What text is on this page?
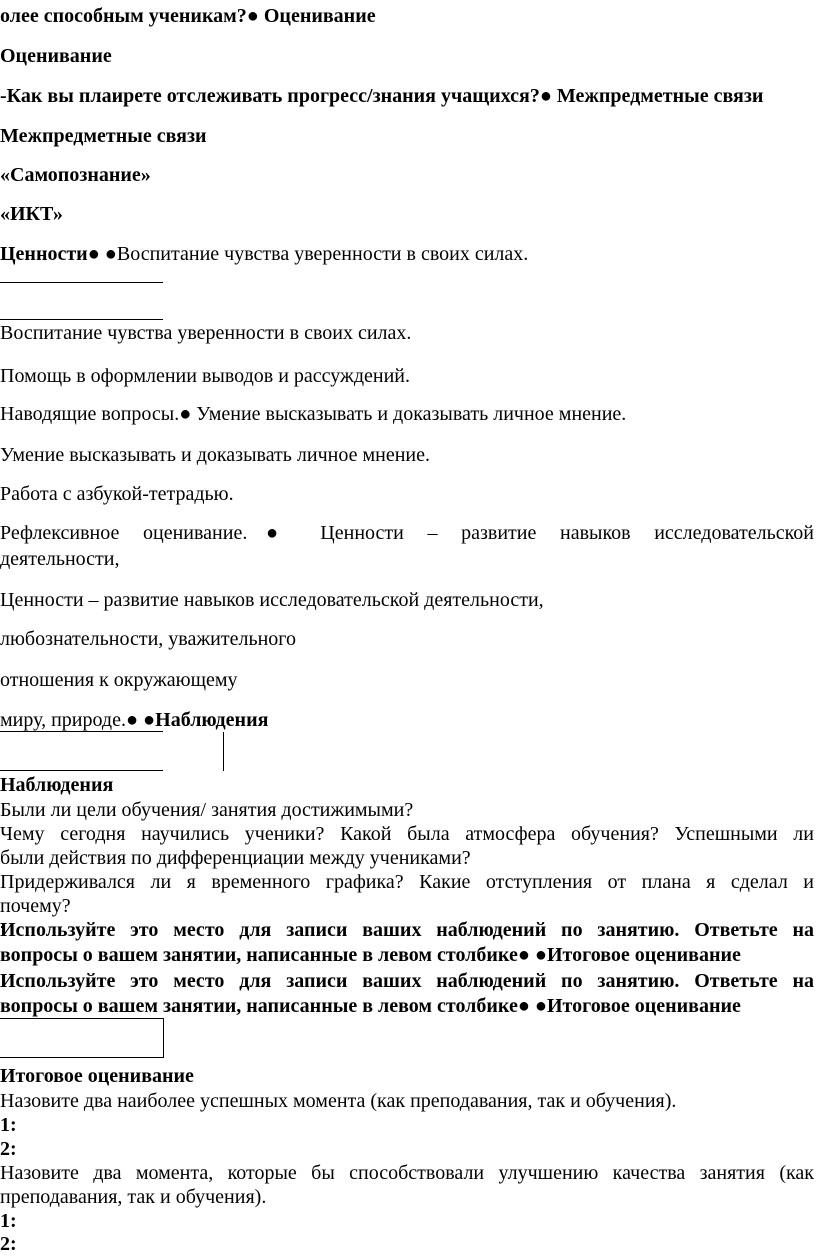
олее способным ученикам?● Оценивание
Оценивание
-Как вы плаирете отслеживать прогресс/знания учащихся?● Межпредметные связи
Межпредметные связи
«Самопознание»
«ИКТ»
Ценности● ●Воспитание чувства уверенности в своих силах.
Воспитание чувства уверенности в своих силах.
Помощь в оформлении выводов и рассуждений.
Наводящие вопросы.● Умение высказывать и доказывать личное мнение.
Умение высказывать и доказывать личное мнение.
Работа с азбукой-тетрадью.
Рефлексивное оценивание.● Ценности – развитие навыков исследовательской
деятельности,
Ценности – развитие навыков исследовательской деятельности,
любознательности, уважительного
отношения к окружающему
миру, природе.● ●Наблюдения
Наблюдения
Были ли цели обучения/ занятия достижимыми?
Чему сегодня научились ученики? Какой была атмосфера обучения? Успешными ли
были действия по дифференциации между учениками?
Придерживался ли я временного графика? Какие отступления от плана я сделал и
почему?
Используйте это место для записи ваших наблюдений по занятию. Ответьте на
вопросы о вашем занятии, написанные в левом столбике● ●Итоговое оценивание
Используйте это место для записи ваших наблюдений по занятию. Ответьте на
вопросы о вашем занятии, написанные в левом столбике● ●Итоговое оценивание
Итоговое оценивание
Назовите два наиболее успешных момента (как преподавания, так и обучения).
1:
2:
Назовите два момента, которые бы способствовали улучшению качества занятия (как
преподавания, так и обучения).
1:
2:
